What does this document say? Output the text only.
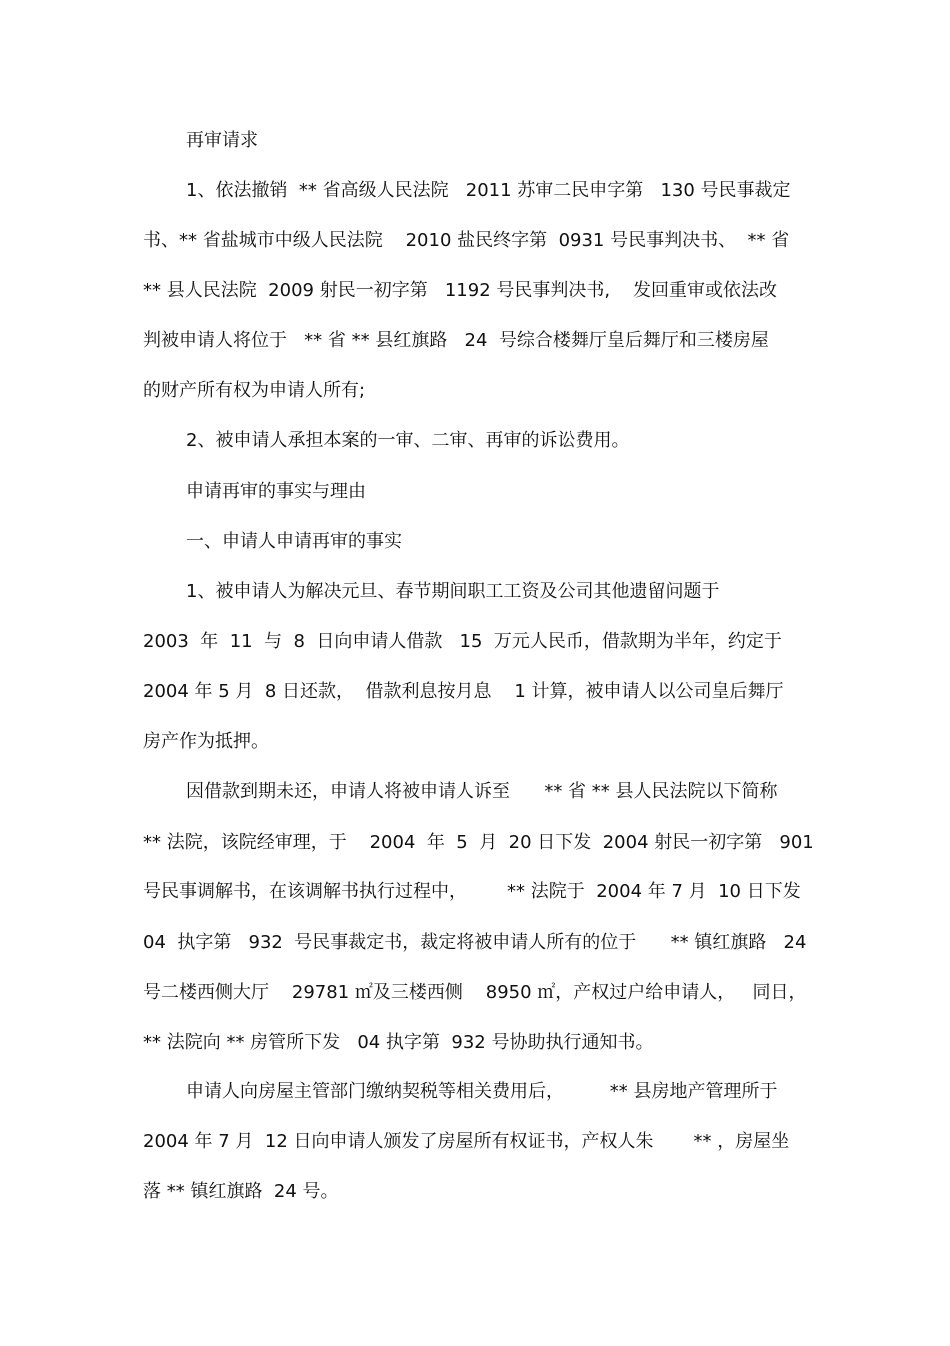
再审请求
1、依法撤销  ** 省高级人民法院   2011 苏审二民申字第   130 号民事裁定
书、** 省盐城市中级人民法院    2010 盐民终字第  0931 号民事判决书、  ** 省
** 县人民法院  2009 射民一初字第   1192 号民事判决书,    发回重审或依法改
判被申请人将位于   ** 省 ** 县红旗路   24  号综合楼舞厅皇后舞厅和三楼房屋
的财产所有权为申请人所有;
2、被申请人承担本案的一审、二审、再审的诉讼费用。
申请再审的事实与理由
一、申请人申请再审的事实
1、被申请人为解决元旦、春节期间职工工资及公司其他遗留问题于
2003  年  11  与  8  日向申请人借款   15  万元人民币，借款期为半年，约定于
2004 年 5 月  8 日还款，  借款利息按月息    1 计算，被申请人以公司皇后舞厅
房产作为抵押。
因借款到期未还，申请人将被申请人诉至      ** 省 ** 县人民法院以下简称
** 法院，该院经审理，于    2004  年  5  月  20 日下发  2004 射民一初字第   901
号民事调解书，在该调解书执行过程中，       ** 法院于  2004 年 7 月  10 日下发
04  执字第   932  号民事裁定书，裁定将被申请人所有的位于      ** 镇红旗路   24
号二楼西侧大厅    29781 ㎡及三楼西侧    8950 ㎡，产权过户给申请人，   同日，
** 法院向 ** 房管所下发   04 执字第  932 号协助执行通知书。
申请人向房屋主管部门缴纳契税等相关费用后，        ** 县房地产管理所于
2004 年 7 月  12 日向申请人颁发了房屋所有权证书，产权人朱       ** ，房屋坐
落 ** 镇红旗路  24 号。
